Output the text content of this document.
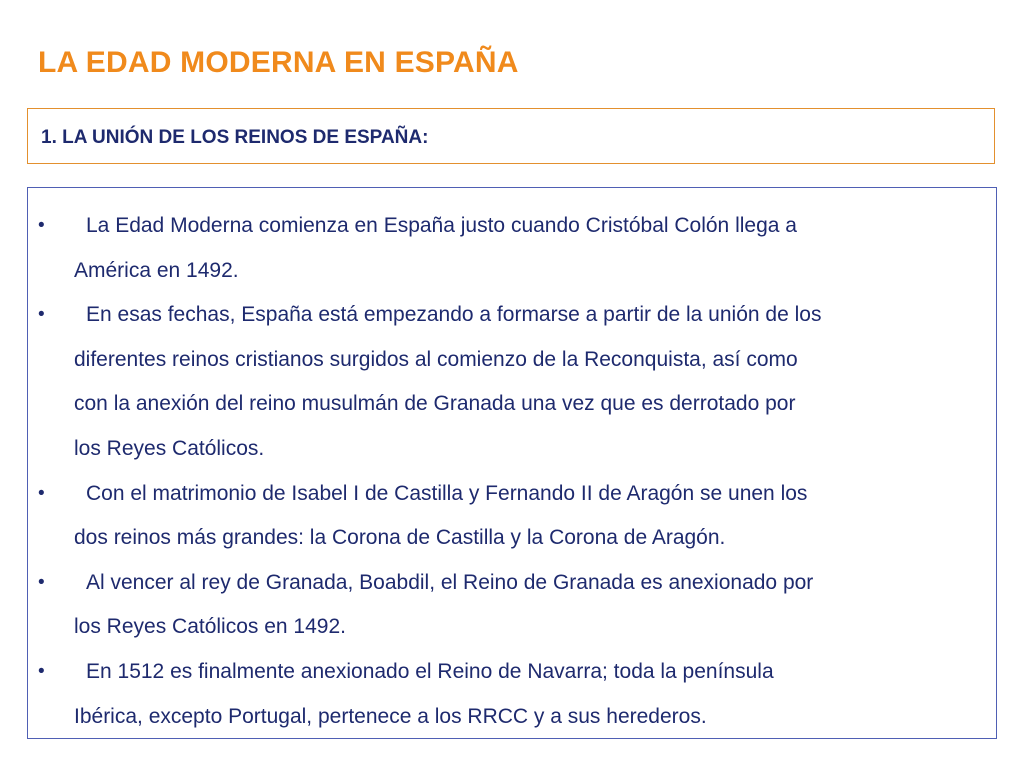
LA EDAD MODERNA EN ESPAÑA
1. LA UNIÓN DE LOS REINOS DE ESPAÑA:
•	La Edad Moderna comienza en España justo cuando Cristóbal Colón llega a
América en 1492.
•	En esas fechas, España está empezando a formarse a partir de la unión de los
diferentes reinos cristianos surgidos al comienzo de la Reconquista, así como
con la anexión del reino musulmán de Granada una vez que es derrotado por
los Reyes Católicos.
•	Con el matrimonio de Isabel I de Castilla y Fernando II de Aragón se unen los
dos reinos más grandes: la Corona de Castilla y la Corona de Aragón.
•	Al vencer al rey de Granada, Boabdil, el Reino de Granada es anexionado por
los Reyes Católicos en 1492.
•	En 1512 es finalmente anexionado el Reino de Navarra; toda la península
Ibérica, excepto Portugal, pertenece a los RRCC y a sus herederos.
